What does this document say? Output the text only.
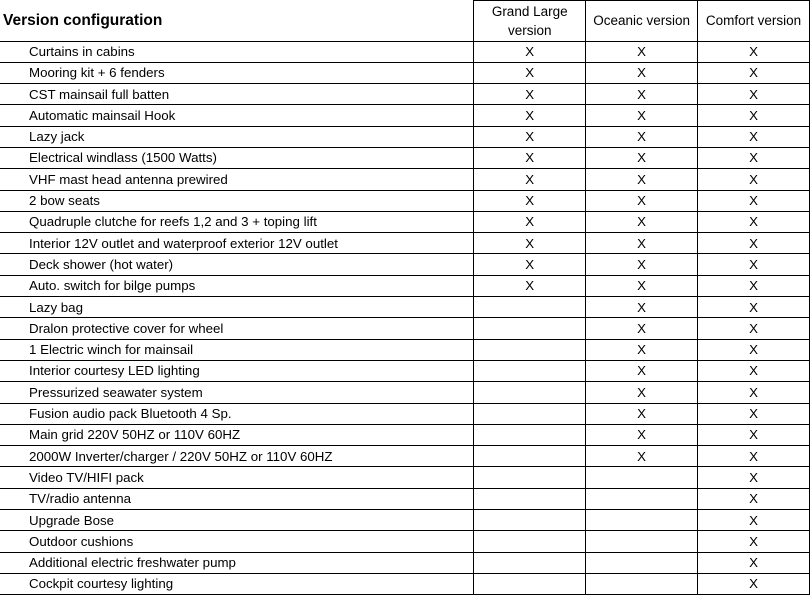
Version configuration	Grand Large version	Oceanic version	Comfort version
Curtains in cabins	X	X	X
Mooring kit + 6 fenders	X	X	X
CST mainsail full batten	X	X	X
Automatic mainsail Hook	X	X	X
Lazy jack	X	X	X
Electrical windlass (1500 Watts)	X	X	X
VHF mast head antenna prewired	X	X	X
2 bow seats	X	X	X
Quadruple clutche for reefs 1,2 and 3 + toping lift	X	X	X
Interior 12V outlet and waterproof exterior 12V outlet	X	X	X
Deck shower (hot water)	X	X	X
Auto. switch for bilge pumps	X	X	X
Lazy bag		X	X
Dralon protective cover for wheel		X	X
1 Electric winch for mainsail		X	X
Interior courtesy LED lighting		X	X
Pressurized seawater system		X	X
Fusion audio pack Bluetooth 4 Sp.		X	X
Main grid 220V 50HZ or 110V 60HZ		X	X
2000W Inverter/charger / 220V 50HZ or 110V 60HZ		X	X
Video TV/HIFI pack			X
TV/radio antenna			X
Upgrade Bose			X
Outdoor cushions			X
Additional electric freshwater pump			X
Cockpit courtesy lighting			X
